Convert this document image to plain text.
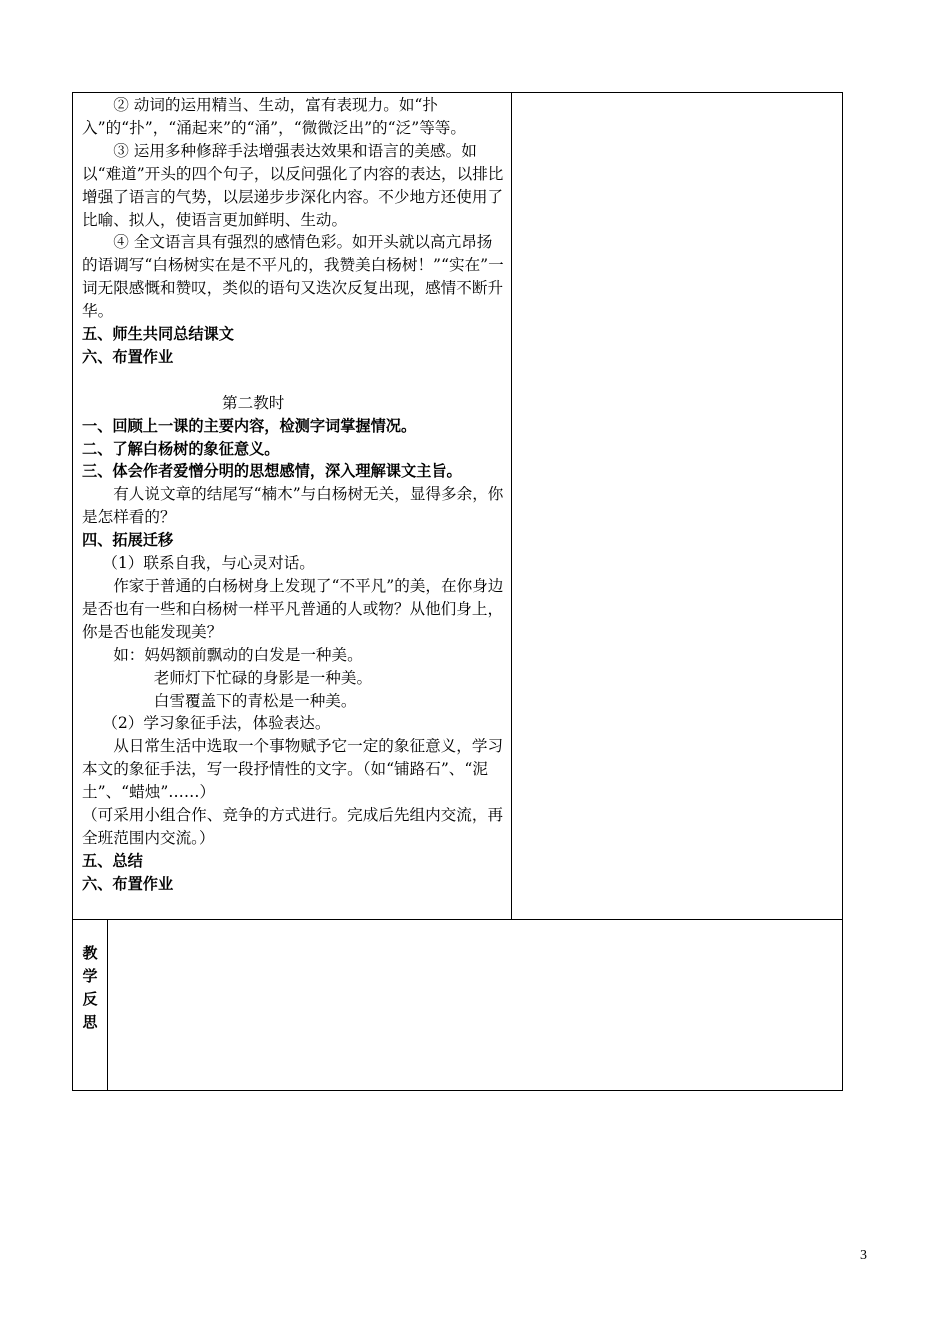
② 动词的运用精当、生动，富有表现力。如“扑入”的“扑”，“涌起来”的“涌”，“微微泛出”的“泛”等等。

③ 运用多种修辞手法增强表达效果和语言的美感。如以“难道”开头的四个句子，以反问强化了内容的表达，以排比增强了语言的气势，以层递步步深化内容。不少地方还使用了比喻、拟人，使语言更加鲜明、生动。

④ 全文语言具有强烈的感情色彩。如开头就以高亢昂扬的语调写“白杨树实在是不平凡的，我赞美白杨树！”“实在”一词无限感慨和赞叹，类似的语句又迭次反复出现，感情不断升华。

五、师生共同总结课文

六、布置作业

第二教时

一、回顾上一课的主要内容，检测字词掌握情况。

二、了解白杨树的象征意义。

三、体会作者爱憎分明的思想感情，深入理解课文主旨。

有人说文章的结尾写“楠木”与白杨树无关，显得多余，你是怎样看的？

四、拓展迁移

（1）联系自我，与心灵对话。

作家于普通的白杨树身上发现了“不平凡”的美，在你身边是否也有一些和白杨树一样平凡普通的人或物？从他们身上，你是否也能发现美？

如：妈妈额前飘动的白发是一种美。

老师灯下忙碌的身影是一种美。

白雪覆盖下的青松是一种美。

（2）学习象征手法，体验表达。

从日常生活中选取一个事物赋予它一定的象征意义，学习本文的象征手法，写一段抒情性的文字。（如“铺路石”、“泥土”、“蜡烛”……）

（可采用小组合作、竞争的方式进行。完成后先组内交流，再全班范围内交流。）

五、总结

六、布置作业

教
学
反
思
3
